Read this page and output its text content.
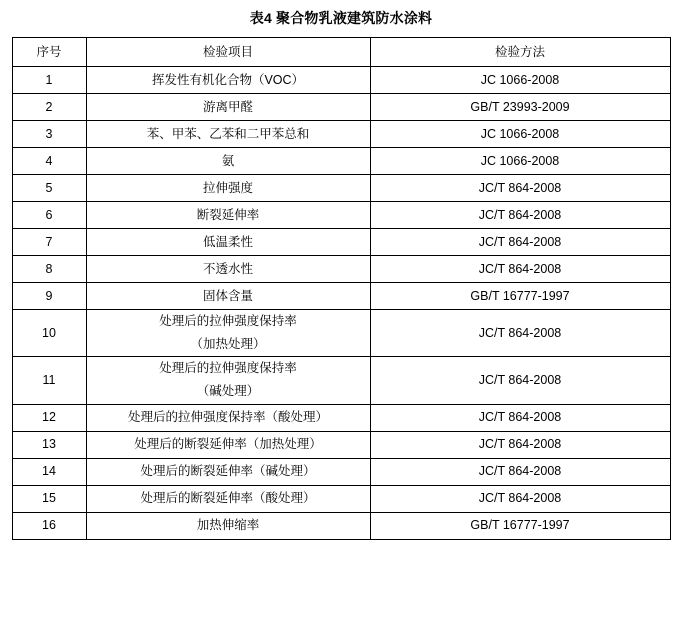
表4 聚合物乳液建筑防水涂料
序号	检验项目	检验方法
1	挥发性有机化合物（VOC）	JC 1066-2008
2	游离甲醛	GB/T 23993-2009
3	苯、甲苯、乙苯和二甲苯总和	JC 1066-2008
4	氨	JC 1066-2008
5	拉伸强度	JC/T 864-2008
6	断裂延伸率	JC/T 864-2008
7	低温柔性	JC/T 864-2008
8	不透水性	JC/T 864-2008
9	固体含量	GB/T 16777-1997
10	处理后的拉伸强度保持率
（加热处理）	JC/T 864-2008
11	处理后的拉伸强度保持率
（碱处理）	JC/T 864-2008
12	处理后的拉伸强度保持率（酸处理）	JC/T 864-2008
13	处理后的断裂延伸率（加热处理）	JC/T 864-2008
14	处理后的断裂延伸率（碱处理）	JC/T 864-2008
15	处理后的断裂延伸率（酸处理）	JC/T 864-2008
16	加热伸缩率	GB/T 16777-1997
